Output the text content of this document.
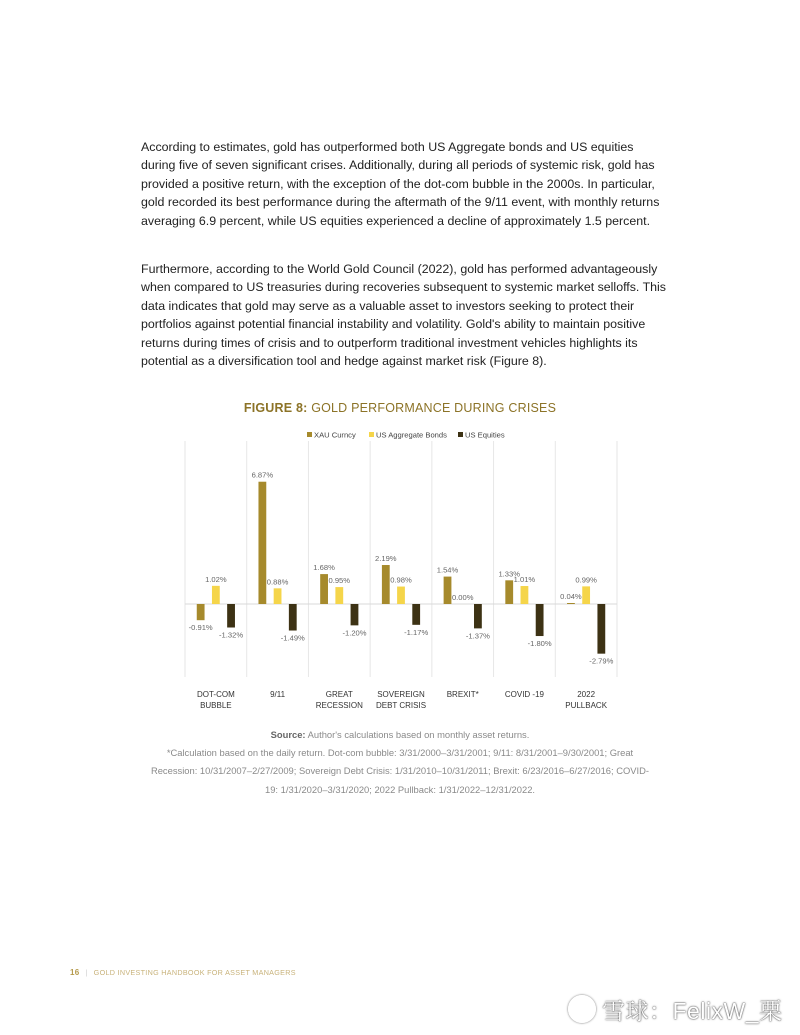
According to estimates, gold has outperformed both US Aggregate bonds and US equities during five of seven significant crises. Additionally, during all periods of systemic risk, gold has provided a positive return, with the exception of the dot-com bubble in the 2000s. In particular, gold recorded its best performance during the aftermath of the 9/11 event, with monthly returns averaging 6.9 percent, while US equities experienced a decline of approximately 1.5 percent.

Furthermore, according to the World Gold Council (2022), gold has performed advantageously when compared to US treasuries during recoveries subsequent to systemic market selloffs. This data indicates that gold may serve as a valuable asset to investors seeking to protect their portfolios against potential financial instability and volatility. Gold's ability to maintain positive returns during times of crisis and to outperform traditional investment vehicles highlights its potential as a diversification tool and hedge against market risk (Figure 8).

FIGURE 8: GOLD PERFORMANCE DURING CRISES
XAU Curncy	US Aggregate Bonds US Equities
-0.91%
1.02%
-1.32%
DOT-COM BUBBLE
6.87%
0.88%
-1.49%
9/11
1.68%
0.95%
-1.20%
GREAT RECESSION
2.19%
0.98%
-1.17%
SOVEREIGN DEBT CRISIS
1.54%
0.00%
-1.37%
BREXIT*
1.33%
1.01%
-1.80%
COVID -19
0.04%
0.99%
-2.79%
2022 PULLBACK
Source: Author's calculations based on monthly asset returns.
*Calculation based on the daily return. Dot-com bubble: 3/31/2000–3/31/2001; 9/11: 8/31/2001–9/30/2001; Great Recession: 10/31/2007–2/27/2009; Sovereign Debt Crisis: 1/31/2010–10/31/2011; Brexit: 6/23/2016–6/27/2016; COVID-19: 1/31/2020–3/31/2020; 2022 Pullback: 1/31/2022–12/31/2022.
16 | GOLD INVESTING HANDBOOK FOR ASSET MANAGERS
雪球：FelixW_栗
